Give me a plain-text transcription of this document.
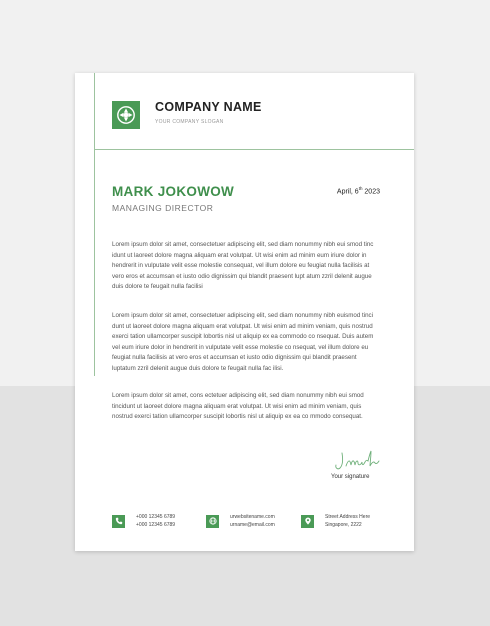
COMPANY NAME
YOUR COMPANY SLOGAN
MARK JOKOWOW
MANAGING DIRECTOR
April, 6th 2023
Lorem ipsum dolor sit amet, consectetuer adipiscing elit, sed diam nonummy nibh eui smod tinc idunt ut laoreet dolore magna aliquam erat volutpat. Ut wisi enim ad minim eum iriure dolor in hendrerit in vulputate velit esse molestie consequat, vel illum dolore eu feugiat nulla facilisis at vero eros et accumsan et iusto odio dignissim qui blandit praesent lupt atum zzril delenit augue duis dolore te feugait nulla facilisi
Lorem ipsum dolor sit amet, consectetuer adipiscing elit, sed diam nonummy nibh euismod tinci dunt ut laoreet dolore magna aliquam erat volutpat. Ut wisi enim ad minim veniam, quis nostrud exerci tation ullamcorper suscipit lobortis nisl ut aliquip ex ea commodo co nsequat. Duis autem vel eum iriure dolor in hendrerit in vulputate velit esse molestie co nsequat, vel illum dolore eu feugiat nulla facilisis at vero eros et accumsan et iusto odio dignissim qui blandit praesent luptatum zzril delenit augue duis dolore te feugait nulla fac ilisi.
Lorem ipsum dolor sit amet, cons ectetuer adipiscing elit, sed diam nonummy nibh eui smod tincidunt ut laoreet dolore magna aliquam erat volutpat. Ut wisi enim ad minim veniam, quis nostrud exerci tation ullamcorper suscipit lobortis nisl ut aliquip ex ea co mmodo consequat.
Your signature
+000 12345 6789
+000 12345 6789
urwebsitename.com
urname@email.com
Street Address Here
Singapore, 2222
